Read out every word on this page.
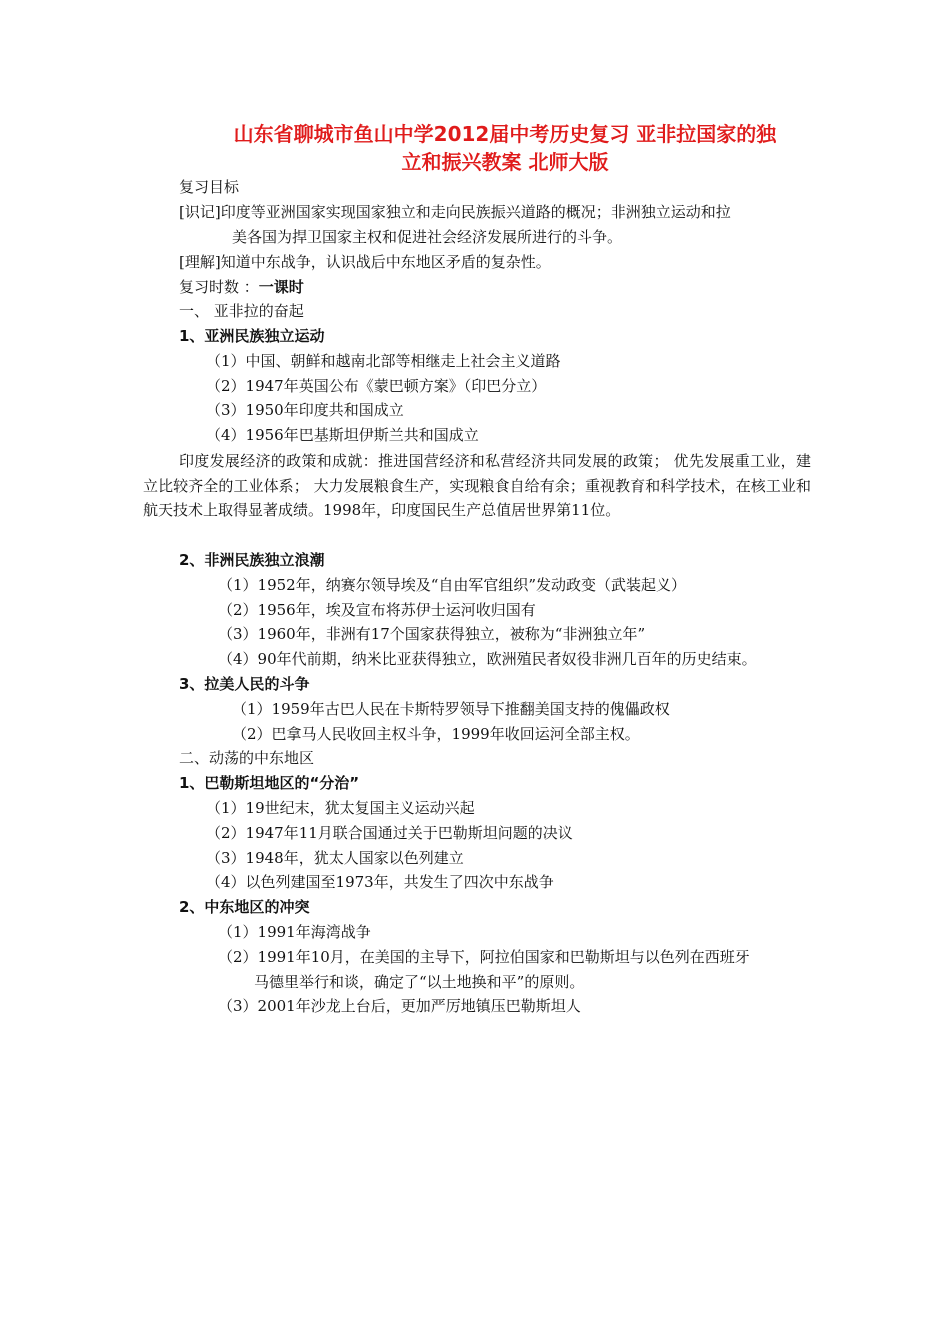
山东省聊城市鱼山中学2012届中考历史复习 亚非拉国家的独
立和振兴教案 北师大版
复习目标
[识记]印度等亚洲国家实现国家独立和走向民族振兴道路的概况；非洲独立运动和拉
美各国为捍卫国家主权和促进社会经济发展所进行的斗争。
[理解]知道中东战争，认识战后中东地区矛盾的复杂性。
复习时数 ：一课时
一、 亚非拉的奋起
1、亚洲民族独立运动
（1）中国、朝鲜和越南北部等相继走上社会主义道路
（2）1947年英国公布《蒙巴顿方案》（印巴分立）
（3）1950年印度共和国成立
（4）1956年巴基斯坦伊斯兰共和国成立
印度发展经济的政策和成就：推进国营经济和私营经济共同发展的政策； 优先发展重工业，建立比较齐全的工业体系； 大力发展粮食生产，实现粮食自给有余；重视教育和科学技术，在核工业和航天技术上取得显著成绩。1998年，印度国民生产总值居世界第11位。
2、非洲民族独立浪潮
（1）1952年，纳赛尔领导埃及“自由军官组织”发动政变（武装起义）
（2）1956年，埃及宣布将苏伊士运河收归国有
（3）1960年，非洲有17个国家获得独立，被称为“非洲独立年”
（4）90年代前期，纳米比亚获得独立，欧洲殖民者奴役非洲几百年的历史结束。
3、拉美人民的斗争
（1）1959年古巴人民在卡斯特罗领导下推翻美国支持的傀儡政权
（2）巴拿马人民收回主权斗争，1999年收回运河全部主权。
二、动荡的中东地区
1、巴勒斯坦地区的“分治”
（1）19世纪末，犹太复国主义运动兴起
（2）1947年11月联合国通过关于巴勒斯坦问题的决议
（3）1948年，犹太人国家以色列建立
（4）以色列建国至1973年，共发生了四次中东战争
2、中东地区的冲突
（1）1991年海湾战争
（2）1991年10月，在美国的主导下，阿拉伯国家和巴勒斯坦与以色列在西班牙
马德里举行和谈，确定了“以土地换和平”的原则。
（3）2001年沙龙上台后，更加严厉地镇压巴勒斯坦人
